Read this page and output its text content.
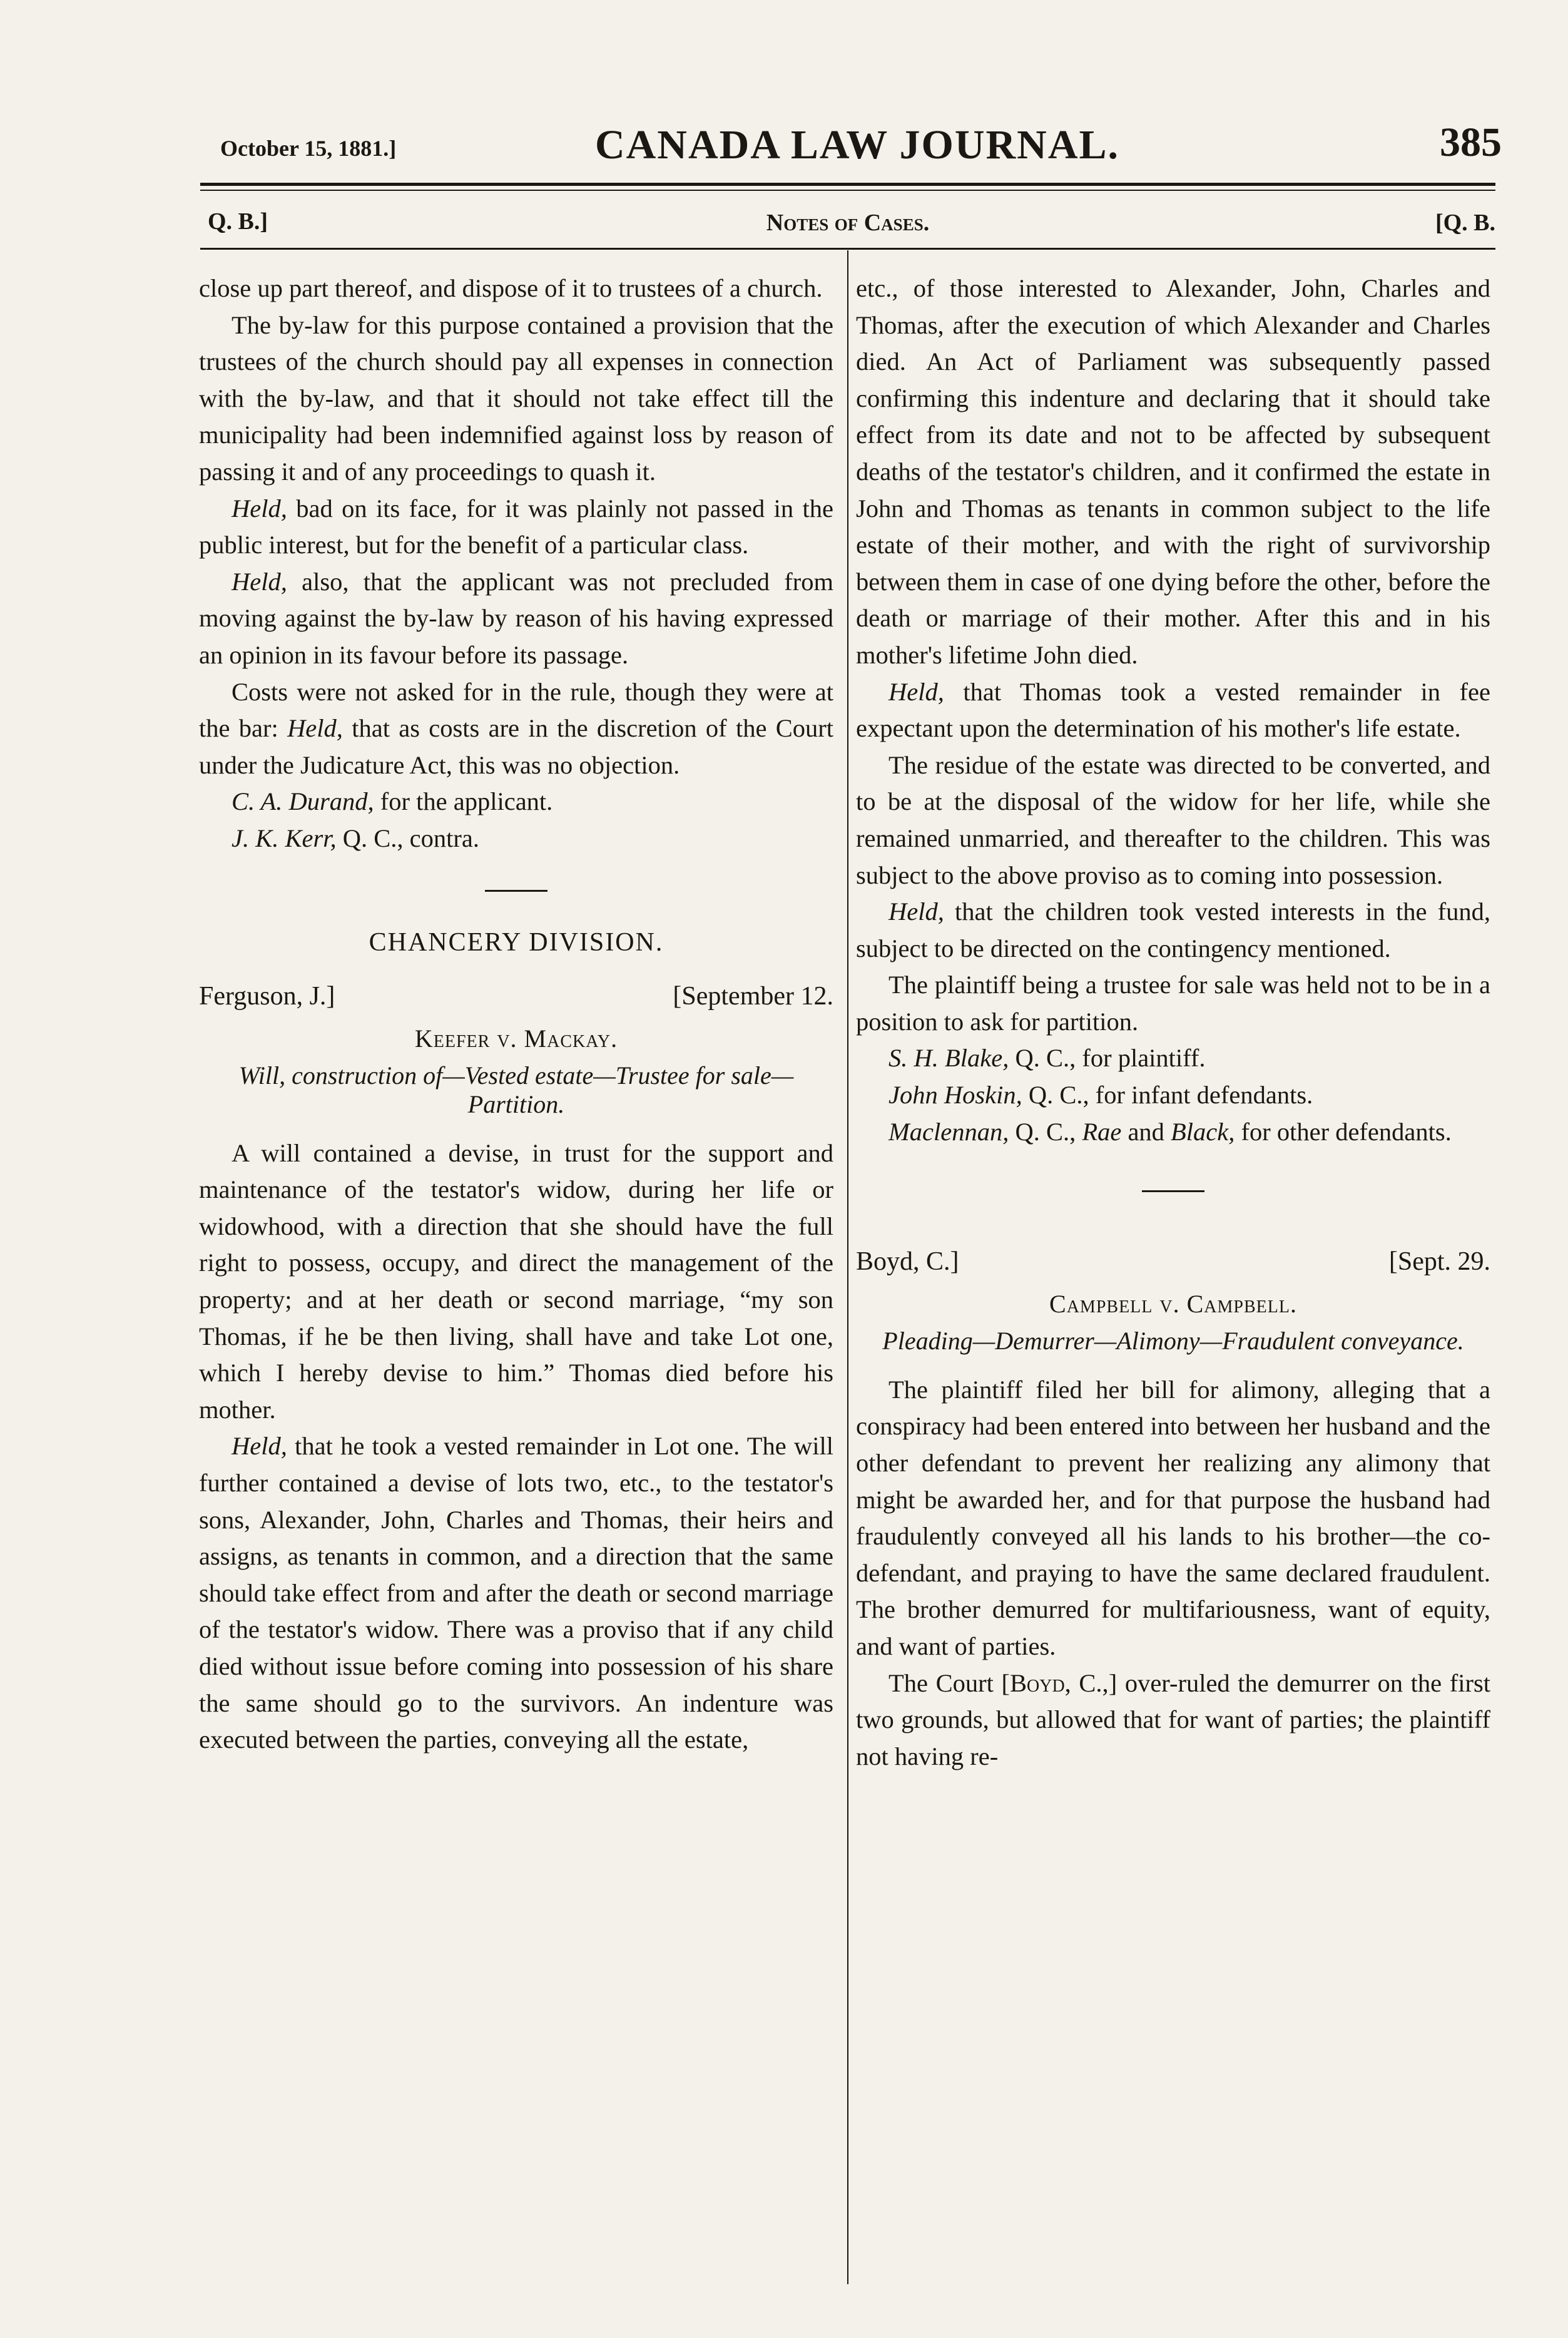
October 15, 1881.]	CANADA LAW JOURNAL.	385
Q. B.]	Notes of Cases.	[Q. B.

close up part thereof, and dispose of it to trustees of a church.

The by-law for this purpose contained a provision that the trustees of the church should pay all expenses in connection with the by-law, and that it should not take effect till the municipality had been indemnified against loss by reason of passing it and of any proceedings to quash it.

Held, bad on its face, for it was plainly not passed in the public interest, but for the benefit of a particular class.

Held, also, that the applicant was not precluded from moving against the by-law by reason of his having expressed an opinion in its favour before its passage.

Costs were not asked for in the rule, though they were at the bar: Held, that as costs are in the discretion of the Court under the Judicature Act, this was no objection.

C. A. Durand, for the applicant.

J. K. Kerr, Q. C., contra.

CHANCERY DIVISION.
Ferguson, J.]	[September 12.
Keefer v. Mackay.
Will, construction of—Vested estate—Trustee for sale—Partition.

A will contained a devise, in trust for the support and maintenance of the testator's widow, during her life or widowhood, with a direction that she should have the full right to possess, occupy, and direct the management of the property; and at her death or second marriage, “my son Thomas, if he be then living, shall have and take Lot one, which I hereby devise to him.” Thomas died before his mother.

Held, that he took a vested remainder in Lot one. The will further contained a devise of lots two, etc., to the testator's sons, Alexander, John, Charles and Thomas, their heirs and assigns, as tenants in common, and a direction that the same should take effect from and after the death or second marriage of the testator's widow. There was a proviso that if any child died without issue before coming into possession of his share the same should go to the survivors. An indenture was executed between the parties, conveying all the estate,

etc., of those interested to Alexander, John, Charles and Thomas, after the execution of which Alexander and Charles died. An Act of Parliament was subsequently passed confirming this indenture and declaring that it should take effect from its date and not to be affected by subsequent deaths of the testator's children, and it confirmed the estate in John and Thomas as tenants in common subject to the life estate of their mother, and with the right of survivorship between them in case of one dying before the other, before the death or marriage of their mother. After this and in his mother's lifetime John died.

Held, that Thomas took a vested remainder in fee expectant upon the determination of his mother's life estate.

The residue of the estate was directed to be converted, and to be at the disposal of the widow for her life, while she remained unmarried, and thereafter to the children. This was subject to the above proviso as to coming into possession.

Held, that the children took vested interests in the fund, subject to be directed on the contingency mentioned.

The plaintiff being a trustee for sale was held not to be in a position to ask for partition.

S. H. Blake, Q. C., for plaintiff.

John Hoskin, Q. C., for infant defendants.

Maclennan, Q. C., Rae and Black, for other defendants.

Boyd, C.]	[Sept. 29.
Campbell v. Campbell.
Pleading—Demurrer—Alimony—Fraudulent conveyance.

The plaintiff filed her bill for alimony, alleging that a conspiracy had been entered into between her husband and the other defendant to prevent her realizing any alimony that might be awarded her, and for that purpose the husband had fraudulently conveyed all his lands to his brother—the co-defendant, and praying to have the same declared fraudulent. The brother demurred for multifariousness, want of equity, and want of parties.

The Court [Boyd, C.,] over-ruled the demurrer on the first two grounds, but allowed that for want of parties; the plaintiff not having re-
